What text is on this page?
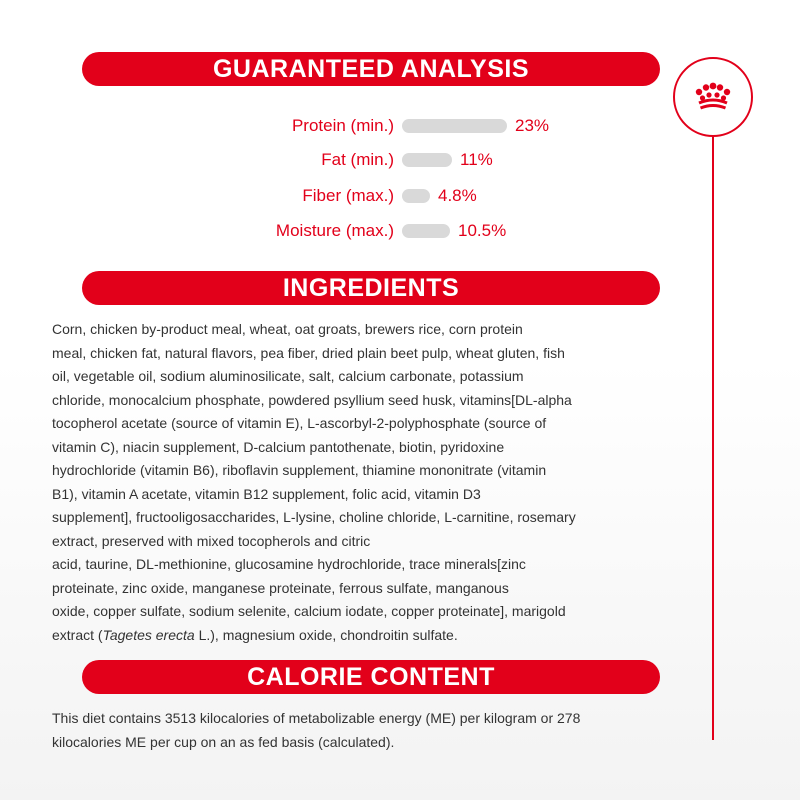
GUARANTEED ANALYSIS
Protein (min.)	23%
Fat (min.)	11%
Fiber (max.)	4.8%
Moisture (max.)	10.5%
INGREDIENTS
Corn, chicken by-product meal, wheat, oat groats, brewers rice, corn protein
meal, chicken fat, natural flavors, pea fiber, dried plain beet pulp, wheat gluten, fish
oil, vegetable oil, sodium aluminosilicate, salt, calcium carbonate, potassium
chloride, monocalcium phosphate, powdered psyllium seed husk, vitamins[DL-alpha
tocopherol acetate (source of vitamin E), L-ascorbyl-2-polyphosphate (source of
vitamin C), niacin supplement, D-calcium pantothenate, biotin, pyridoxine
hydrochloride (vitamin B6), riboflavin supplement, thiamine mononitrate (vitamin
B1), vitamin A acetate, vitamin B12 supplement, folic acid, vitamin D3
supplement], fructooligosaccharides, L-lysine, choline chloride, L-carnitine, rosemary
extract, preserved with mixed tocopherols and citric
acid, taurine, DL-methionine, glucosamine hydrochloride, trace minerals[zinc
proteinate, zinc oxide, manganese proteinate, ferrous sulfate, manganous
oxide, copper sulfate, sodium selenite, calcium iodate, copper proteinate], marigold
extract (Tagetes erecta L.), magnesium oxide, chondroitin sulfate.
CALORIE CONTENT
This diet contains 3513 kilocalories of metabolizable energy (ME) per kilogram or 278
kilocalories ME per cup on an as fed basis (calculated).
